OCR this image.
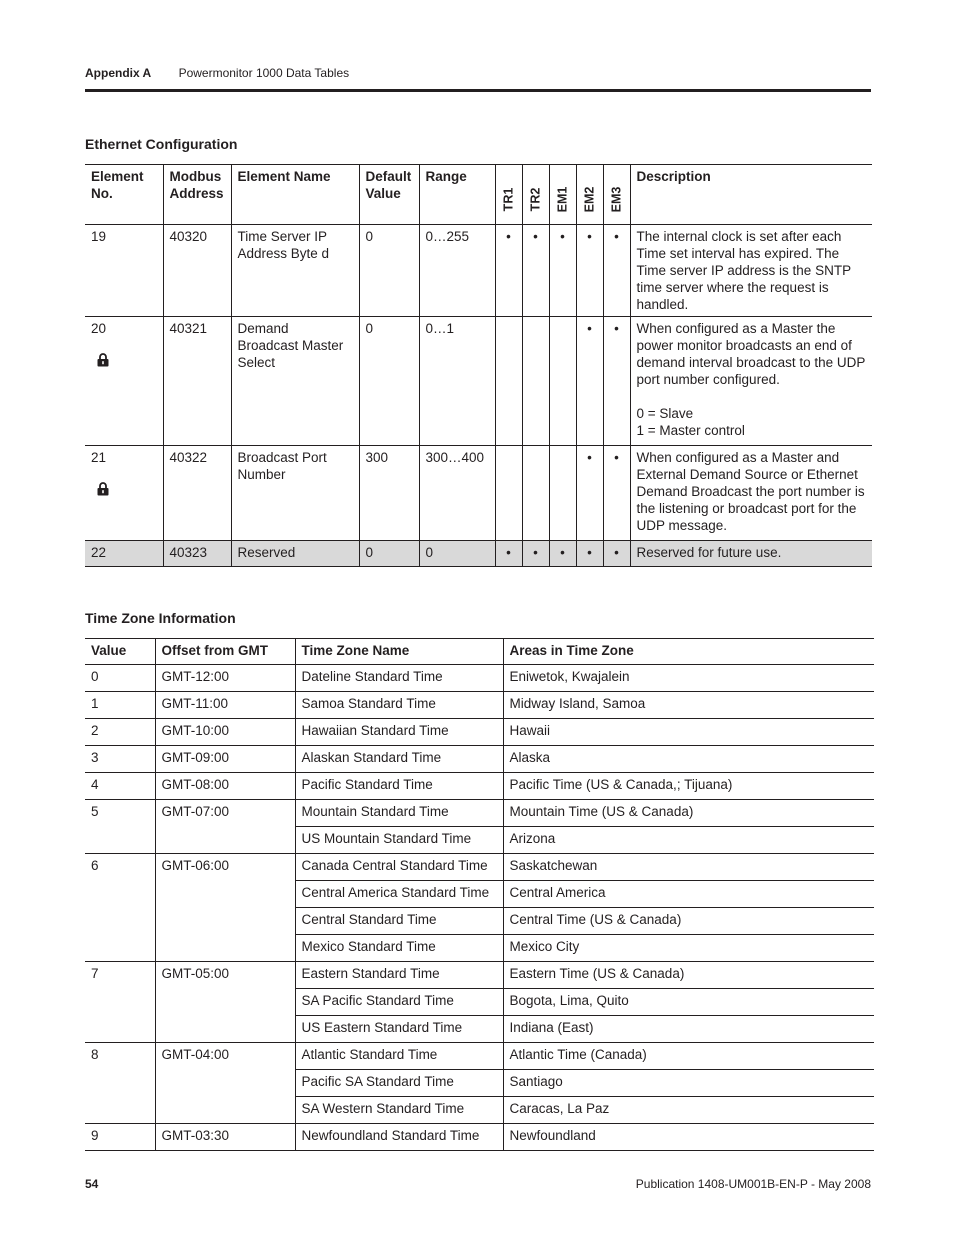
Appendix A Powermonitor 1000 Data Tables
Ethernet Configuration
Element No.	Modbus Address	Element Name	Default Value	Range	TR1	TR2	EM1	EM2	EM3	Description
19	40320	Time Server IP Address Byte d	0	0…255	•	•	•	•	•	The internal clock is set after each Time set interval has expired. The Time server IP address is the SNTP time server where the request is handled.
20	40321	Demand Broadcast Master Select	0	0…1				•	•	When configured as a Master the power monitor broadcasts an end of demand interval broadcast to the UDP port number configured.
0 = Slave
1 = Master control

21	40322	Broadcast Port Number	300	300…400				•	•	When configured as a Master and External Demand Source or Ethernet Demand Broadcast the port number is the listening or broadcast port for the UDP message.
22	40323	Reserved	0	0	•	•	•	•	•	Reserved for future use.
Time Zone Information
Value	Offset from GMT	Time Zone Name	Areas in Time Zone
0	GMT-12:00	Dateline Standard Time	Eniwetok, Kwajalein
1	GMT-11:00	Samoa Standard Time	Midway Island, Samoa
2	GMT-10:00	Hawaiian Standard Time	Hawaii
3	GMT-09:00	Alaskan Standard Time	Alaska
4	GMT-08:00	Pacific Standard Time	Pacific Time (US & Canada,; Tijuana)
5	GMT-07:00	Mountain Standard Time	Mountain Time (US & Canada)
		US Mountain Standard Time	Arizona
6	GMT-06:00	Canada Central Standard Time	Saskatchewan
		Central America Standard Time	Central America
		Central Standard Time	Central Time (US & Canada)
		Mexico Standard Time	Mexico City
7	GMT-05:00	Eastern Standard Time	Eastern Time (US & Canada)
		SA Pacific Standard Time	Bogota, Lima, Quito
		US Eastern Standard Time	Indiana (East)
8	GMT-04:00	Atlantic Standard Time	Atlantic Time (Canada)
		Pacific SA Standard Time	Santiago
		SA Western Standard Time	Caracas, La Paz
9	GMT-03:30	Newfoundland Standard Time	Newfoundland
54	Publication 1408-UM001B-EN-P - May 2008
